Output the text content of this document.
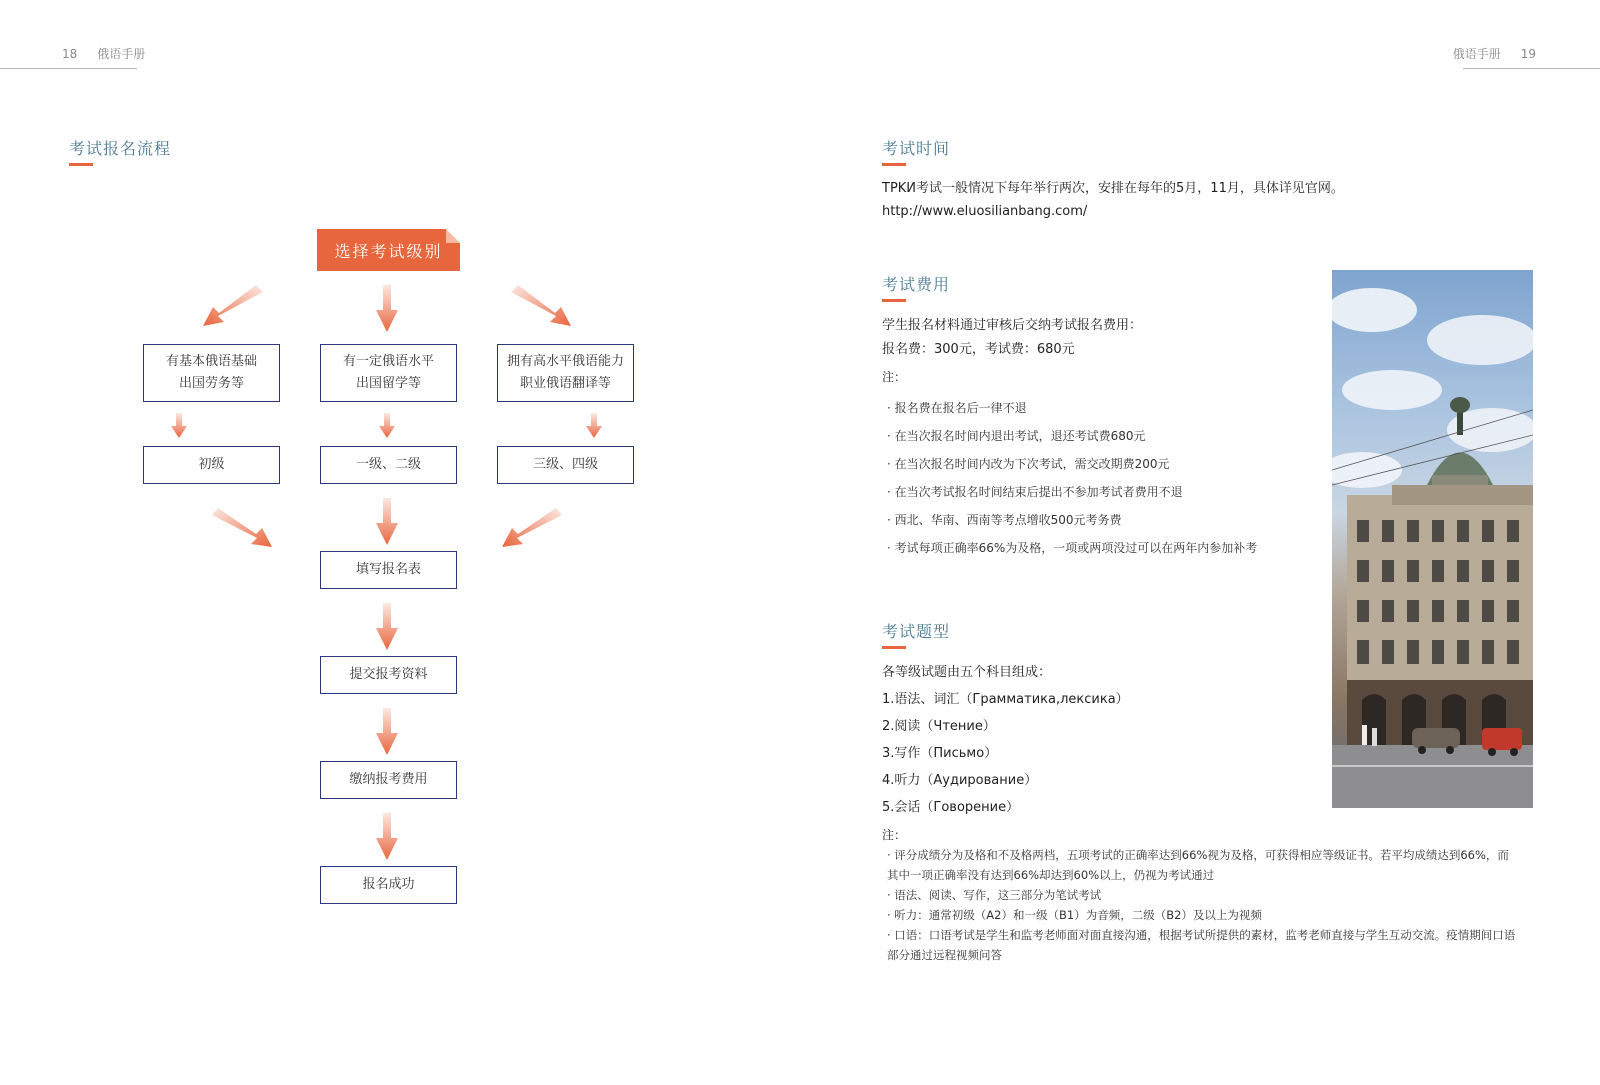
18 俄语手册	俄语手册 19
考试报名流程
选择考试级别
有基本俄语基础
出国劳务等
有一定俄语水平
出国留学等
拥有高水平俄语能力
职业俄语翻译等
初级	一级、二级	三级、四级
填写报名表
提交报考资料
缴纳报考费用
报名成功
考试时间
TPKИ考试一般情况下每年举行两次，安排在每年的5月，11月，具体详见官网。
http://www.eluosilianbang.com/
考试费用
学生报名材料通过审核后交纳考试报名费用：
报名费：300元，考试费：680元
注：
· 报名费在报名后一律不退
· 在当次报名时间内退出考试，退还考试费680元
· 在当次报名时间内改为下次考试，需交改期费200元
· 在当次考试报名时间结束后提出不参加考试者费用不退
· 西北、华南、西南等考点增收500元考务费
· 考试每项正确率66%为及格，一项或两项没过可以在两年内参加补考
考试题型
各等级试题由五个科目组成：
1.语法、词汇（Грамматика,лексика）
2.阅读（Чтение）
3.写作（Письмо）
4.听力（Аудирование）
5.会话（Говорение）
注：
· 评分成绩分为及格和不及格两档，五项考试的正确率达到66%视为及格，可获得相应等级证书。若平均成绩达到66%，而
其中一项正确率没有达到66%却达到60%以上，仍视为考试通过
· 语法、阅读、写作，这三部分为笔试考试
· 听力：通常初级（A2）和一级（B1）为音频，二级（B2）及以上为视频
· 口语：口语考试是学生和监考老师面对面直接沟通，根据考试所提供的素材，监考老师直接与学生互动交流。疫情期间口语
部分通过远程视频问答
